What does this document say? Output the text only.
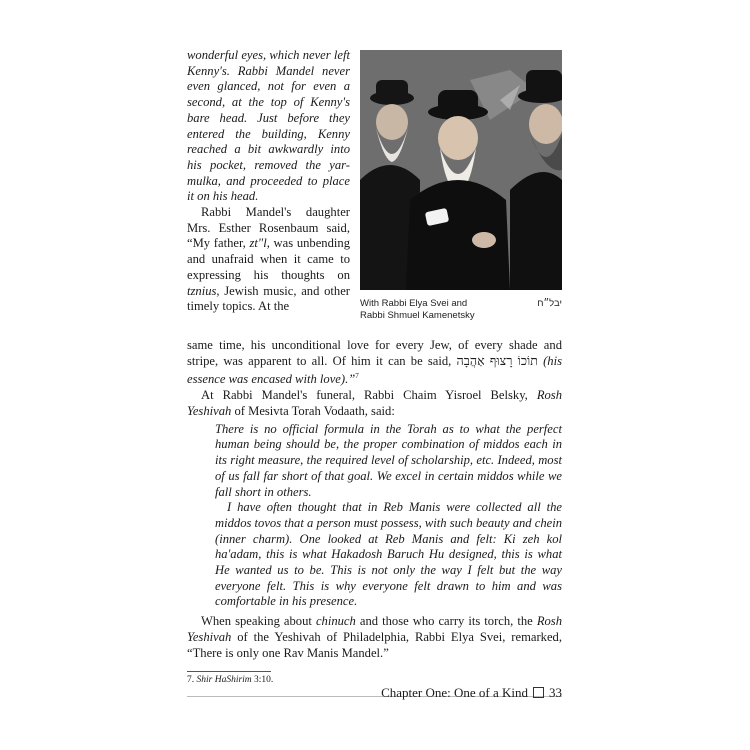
wonderful eyes, which never left Kenny's. Rabbi Mandel never even glanced, not for even a second, at the top of Kenny's bare head. Just before they entered the building, Kenny reached a bit awkwardly into his pocket, removed the yar-mulka, and proceeded to place it on his head.

Rabbi Mandel's daughter Mrs. Esther Rosenbaum said, “My father, zt"l, was unbending and unafraid when it came to expressing his thoughts on tznius, Jewish music, and other timely topics. At the	With Rabbi Elya Svei and	יבל״ח

Rabbi Shmuel Kamenetsky

same time, his unconditional love for every Jew, of every shade and stripe, was apparent to all. Of him it can be said, תוֹכוֹ רָצוּף אַהֲבָה (his essence was encased with love).”$^7$

At Rabbi Mandel's funeral, Rabbi Chaim Yisroel Belsky, Rosh Yeshivah of Mesivta Torah Vodaath, said:

There is no official formula in the Torah as to what the perfect human being should be, the proper combination of middos each in its right measure, the required level of scholarship, etc. Indeed, most of us fall far short of that goal. We excel in certain middos while we fall short in others.

I have often thought that in Reb Manis were collected all the middos tovos that a person must possess, with such beauty and chein (inner charm). One looked at Reb Manis and felt: Ki zeh kol ha'adam, this is what Hakadosh Baruch Hu designed, this is what He wanted us to be. This is not only the way I felt but the way everyone felt. This is why everyone felt drawn to him and was comfortable in his presence.

When speaking about chinuch and those who carry its torch, the Rosh Yeshivah of the Yeshivah of Philadelphia, Rabbi Elya Svei, remarked, “There is only one Rav Manis Mandel.”

7. Shir HaShirim 3:10.
Chapter One: One of a Kind 33
